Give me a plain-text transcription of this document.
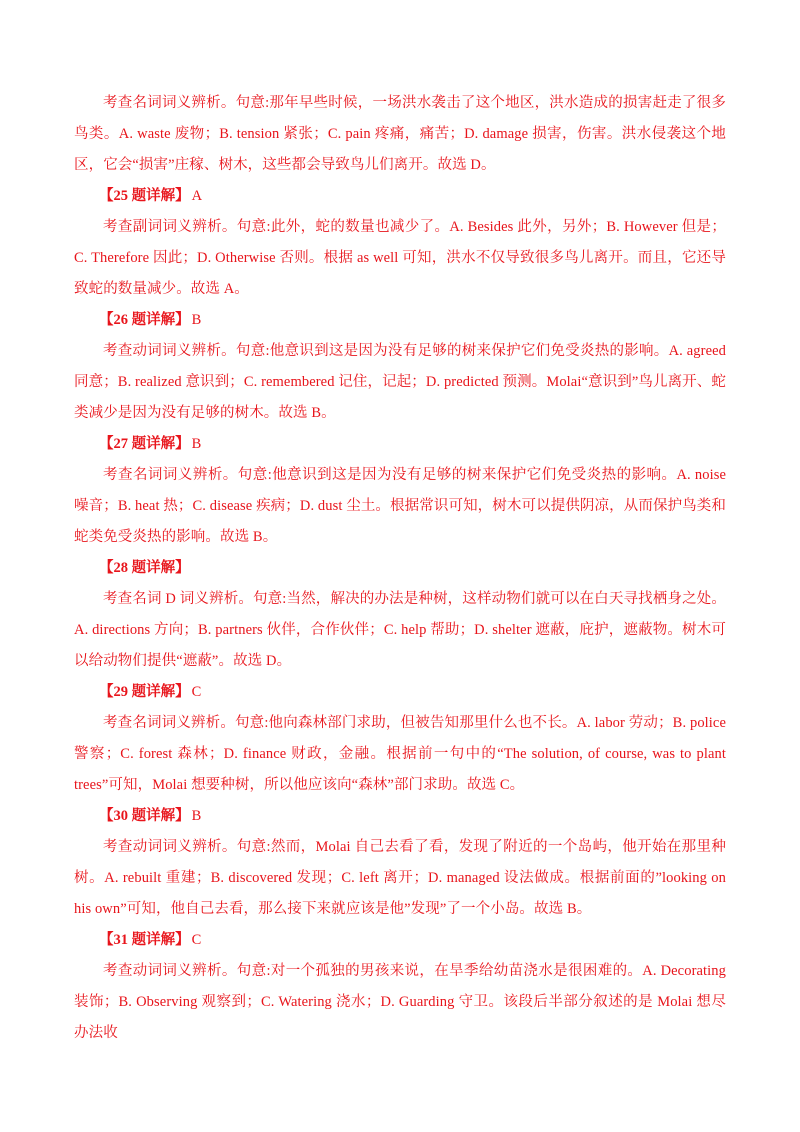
考查名词词义辨析。句意:那年早些时候，一场洪水袭击了这个地区，洪水造成的损害赶走了很多鸟类。A. waste 废物；B. tension 紧张；C. pain 疼痛，痛苦；D. damage 损害，伤害。洪水侵袭这个地区，它会“损害”庄稼、树木，这些都会导致鸟儿们离开。故选 D。

【25 题详解】 A

考查副词词义辨析。句意:此外，蛇的数量也减少了。A. Besides 此外，另外；B. However 但是；C. Therefore 因此；D. Otherwise 否则。根据 as well 可知，洪水不仅导致很多鸟儿离开。而且，它还导致蛇的数量减少。故选 A。

【26 题详解】 B

考查动词词义辨析。句意:他意识到这是因为没有足够的树来保护它们免受炎热的影响。A. agreed 同意；B. realized 意识到；C. remembered 记住，记起；D. predicted 预测。Molai“意识到”鸟儿离开、蛇类减少是因为没有足够的树木。故选 B。

【27 题详解】 B

考查名词词义辨析。句意:他意识到这是因为没有足够的树来保护它们免受炎热的影响。A. noise 噪音；B. heat 热；C. disease 疾病；D. dust 尘土。根据常识可知，树木可以提供阴凉，从而保护鸟类和蛇类免受炎热的影响。故选 B。

【28 题详解】

考查名词 D 词义辨析。句意:当然，解决的办法是种树，这样动物们就可以在白天寻找栖身之处。A. directions 方向；B. partners 伙伴，合作伙伴；C. help 帮助；D. shelter 遮蔽，庇护，遮蔽物。树木可以给动物们提供“遮蔽”。故选 D。

【29 题详解】 C

考查名词词义辨析。句意:他向森林部门求助，但被告知那里什么也不长。A. labor 劳动；B. police 警察；C. forest 森林；D. finance 财政，金融。根据前一句中的“The solution, of course, was to plant trees”可知，Molai 想要种树，所以他应该向“森林”部门求助。故选 C。

【30 题详解】 B

考查动词词义辨析。句意:然而，Molai 自己去看了看，发现了附近的一个岛屿，他开始在那里种树。A. rebuilt 重建；B. discovered 发现；C. left 离开；D. managed 设法做成。根据前面的”looking on his own”可知，他自己去看，那么接下来就应该是他”发现”了一个小岛。故选 B。

【31 题详解】 C

考查动词词义辨析。句意:对一个孤独的男孩来说，在旱季给幼苗浇水是很困难的。A. Decorating 装饰；B. Observing 观察到；C. Watering 浇水；D. Guarding 守卫。该段后半部分叙述的是 Molai 想尽办法收
